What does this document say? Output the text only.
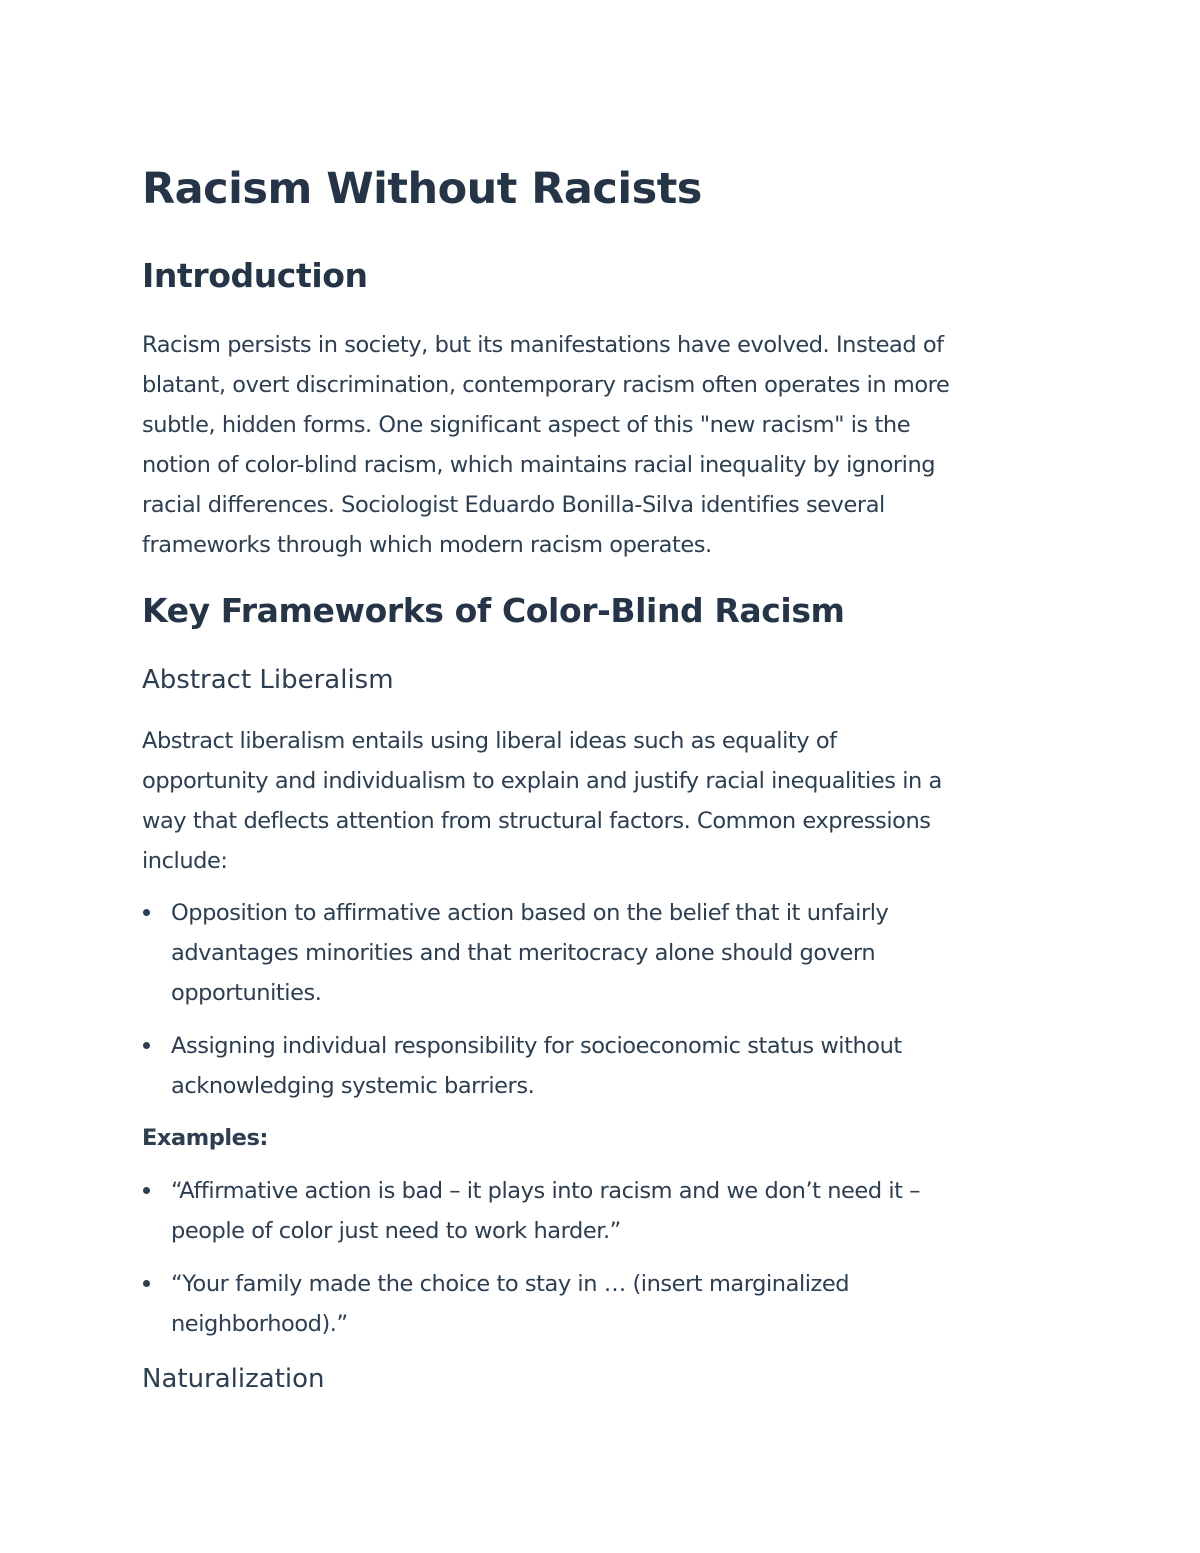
Racism Without Racists
Introduction

Racism persists in society, but its manifestations have evolved. Instead of
blatant, overt discrimination, contemporary racism often operates in more
subtle, hidden forms. One significant aspect of this "new racism" is the
notion of color-blind racism, which maintains racial inequality by ignoring
racial differences. Sociologist Eduardo Bonilla-Silva identifies several
frameworks through which modern racism operates.

Key Frameworks of Color-Blind Racism
Abstract Liberalism

Abstract liberalism entails using liberal ideas such as equality of
opportunity and individualism to explain and justify racial inequalities in a
way that deflects attention from structural factors. Common expressions
include:

Opposition to affirmative action based on the belief that it unfairly
advantages minorities and that meritocracy alone should govern
opportunities.
Assigning individual responsibility for socioeconomic status without
acknowledging systemic barriers.

Examples:

“Affirmative action is bad – it plays into racism and we don’t need it –
people of color just need to work harder.”
“Your family made the choice to stay in … (insert marginalized
neighborhood).”
Naturalization
